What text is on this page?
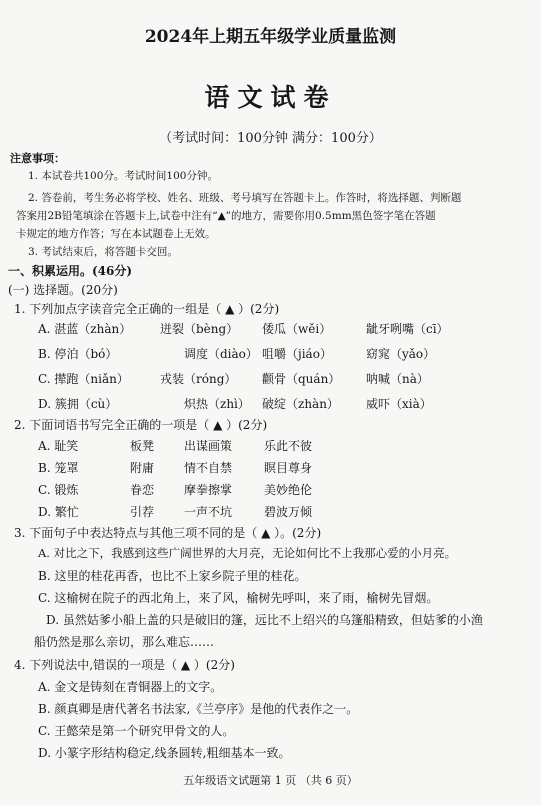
2024年上期五年级学业质量监测
语文试卷
（考试时间：100分钟 满分：100分）
注意事项：
1. 本试卷共100分。考试时间100分钟。
2. 答卷前，考生务必将学校、姓名、班级、考号填写在答题卡上。作答时，将选择题、判断题
答案用2B铅笔填涂在答题卡上,试卷中注有“▲”的地方，需要你用0.5mm黑色签字笔在答题
卡规定的地方作答；写在本试题卷上无效。
3. 考试结束后，将答题卡交回。
一、积累运用。(46分)
(一) 选择题。(20分)
1. 下列加点字读音完全正确的一组是（ ▲ ）(2分)
A. 湛蓝（zhàn） 迸裂（bèng） 倭瓜（wěi）	龇牙咧嘴（cī）
B. 停泊（bó）	调度（diào） 咀嚼（jiáo）	窈窕（yǎo）
C. 撵跑（niǎn）	戎装（róng） 颧骨（quán） 呐喊（nà）
D. 簇拥（cù）	炽热（zhì） 破绽（zhàn） 威吓（xià）
2. 下面词语书写完全正确的一项是（ ▲ ）(2分)
A. 耻笑	板凳 出谋画策	乐此不彼
B. 笼罩	附庸 情不自禁	瞑目尊身
C. 锻炼	眷恋 摩拳擦掌	美妙绝伦
D. 繁忙	引荐 一声不坑	碧波万倾
3. 下面句子中表达特点与其他三项不同的是（ ▲ ）。(2分)
A. 对比之下，我感到这些广阔世界的大月亮，无论如何比不上我那心爱的小月亮。
B. 这里的桂花再香，也比不上家乡院子里的桂花。
C. 这榆树在院子的西北角上，来了风，榆树先呼叫，来了雨，榆树先冒烟。
D. 虽然姑爹小船上盖的只是破旧的篷，远比不上绍兴的乌篷船精致，但姑爹的小渔
船仍然是那么亲切，那么难忘……
4. 下列说法中,错误的一项是（ ▲ ）(2分)
A. 金文是铸刻在青铜器上的文字。
B. 颜真卿是唐代著名书法家,《兰亭序》是他的代表作之一。
C. 王懿荣是第一个研究甲骨文的人。
D. 小篆字形结构稳定,线条圆转,粗细基本一致。
五年级语文试题第 1 页 （共 6 页）
